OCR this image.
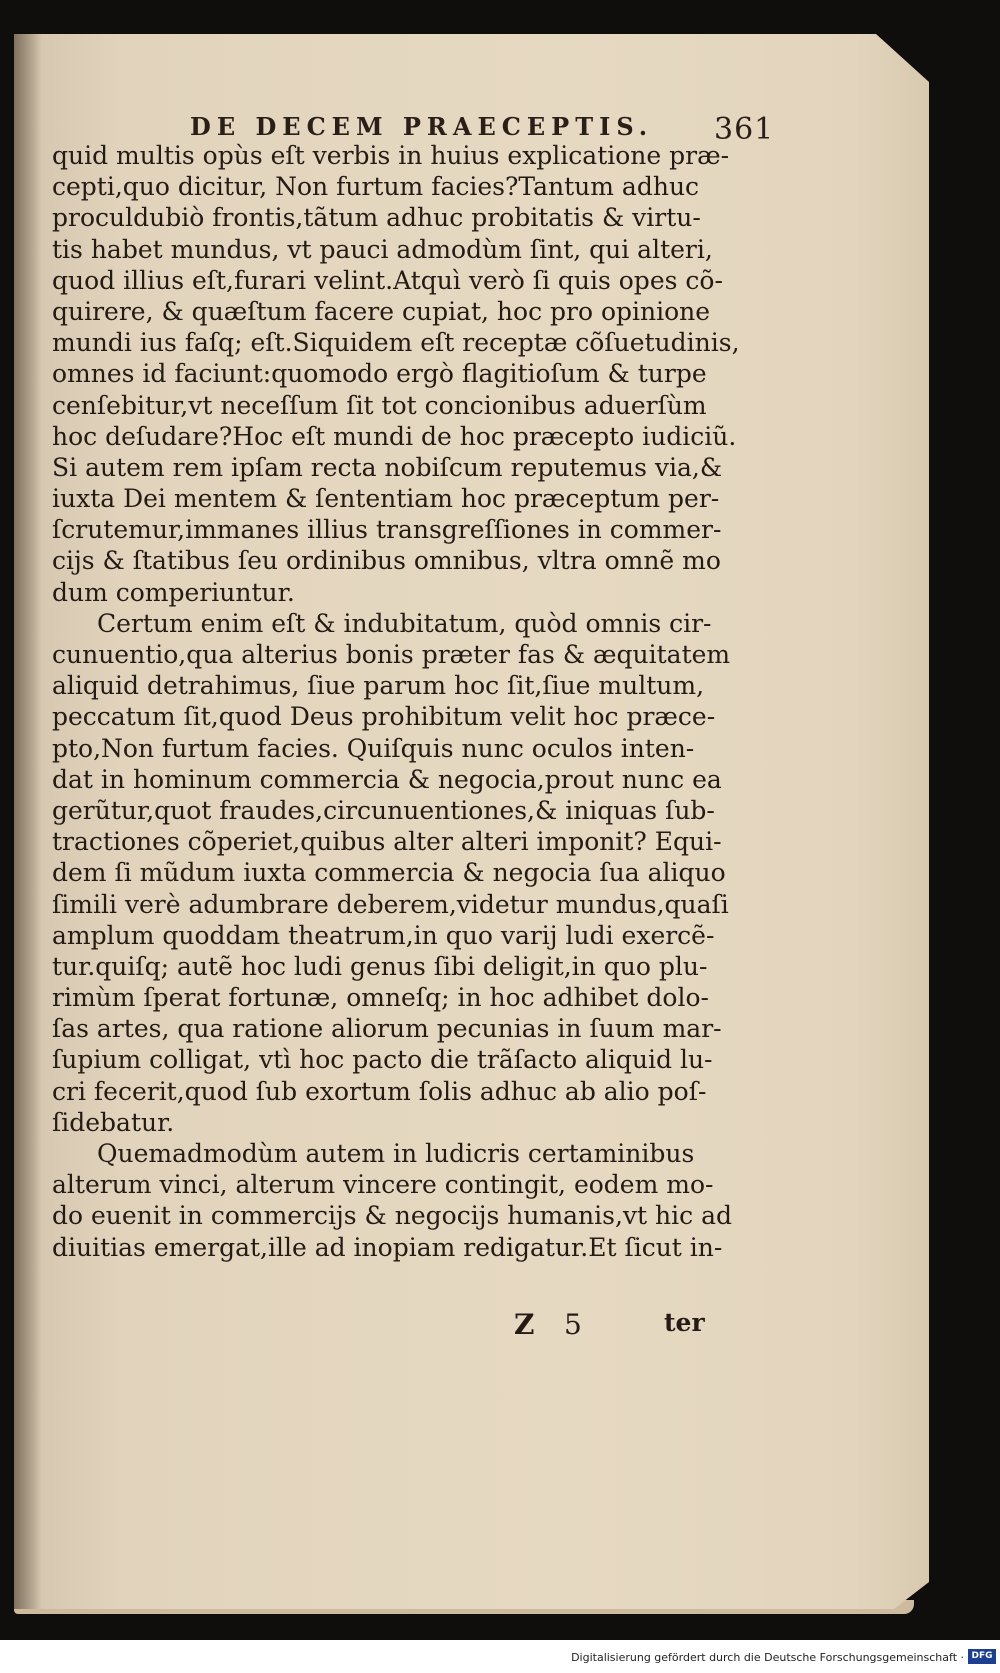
DE DECEM PRAECEPTIS. 361
quid multis opùs eſt verbis in huius explicatione præ-
cepti,quo dicitur, Non furtum facies?Tantum adhuc
proculdubiò frontis,tãtum adhuc probitatis & virtu-
tis habet mundus, vt pauci admodùm ſint, qui alteri,
quod illius eſt,furari velint.Atquì verò ſi quis opes cõ-
quirere, & quæſtum facere cupiat, hoc pro opinione
mundi ius faſq; eſt.Siquidem eſt receptæ cõſuetudinis,
omnes id faciunt:quomodo ergò flagitioſum & turpe
cenſebitur,vt neceſſum ſit tot concionibus aduerſùm
hoc deſudare?Hoc eſt mundi de hoc præcepto iudiciũ.
Si autem rem ipſam recta nobiſcum reputemus via,&
iuxta Dei mentem & ſententiam hoc præceptum per-
ſcrutemur,immanes illius transgreſſiones in commer-
cijs & ſtatibus ſeu ordinibus omnibus, vltra omnẽ mo
dum comperiuntur.
Certum enim eſt & indubitatum, quòd omnis cir-
cunuentio,qua alterius bonis præter fas & æquitatem
aliquid detrahimus, ſiue parum hoc ſit,ſiue multum,
peccatum ſit,quod Deus prohibitum velit hoc præce-
pto,Non furtum facies. Quiſquis nunc oculos inten-
dat in hominum commercia & negocia,prout nunc ea
gerũtur,quot fraudes,circunuentiones,& iniquas ſub-
tractiones cõperiet,quibus alter alteri imponit? Equi-
dem ſi mũdum iuxta commercia & negocia ſua aliquo
ſimili verè adumbrare deberem,videtur mundus,quaſi
amplum quoddam theatrum,in quo varij ludi exercẽ-
tur.quiſq; autẽ hoc ludi genus ſibi deligit,in quo plu-
rimùm ſperat fortunæ, omneſq; in hoc adhibet dolo-
ſas artes, qua ratione aliorum pecunias in ſuum mar-
ſupium colligat, vtì hoc pacto die trãſacto aliquid lu-
cri fecerit,quod ſub exortum ſolis adhuc ab alio poſ-
ſidebatur.
Quemadmodùm autem in ludicris certaminibus
alterum vinci, alterum vincere contingit, eodem mo-
do euenit in commercijs & negocijs humanis,vt hic ad
diuitias emergat,ille ad inopiam redigatur.Et ſicut in-
Z 5	ter
Digitalisierung gefördert durch die Deutsche Forschungsgemeinschaft · DFG
